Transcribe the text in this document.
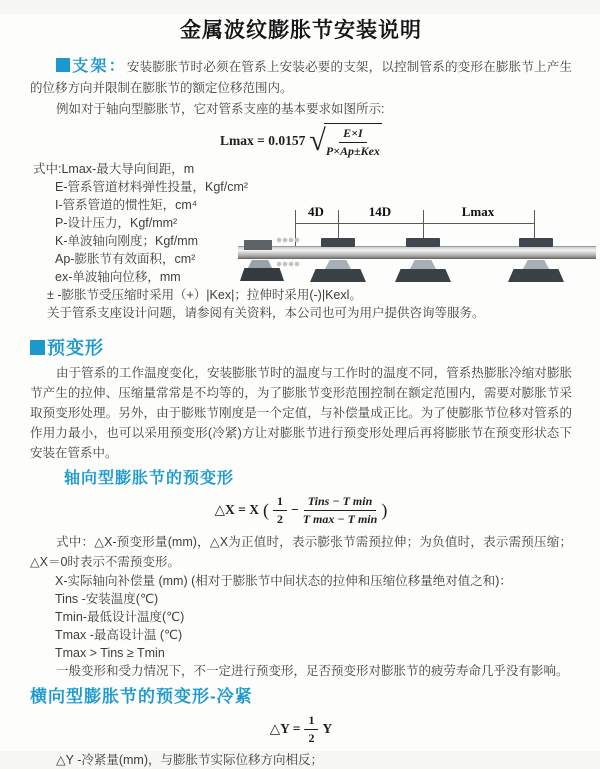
金属波纹膨胀节安装说明

支架：安装膨胀节时必须在管系上安装必要的支架，以控制管系的变形在膨胀节上产生的位移方向并限制在膨胀节的额定位移范围内。

例如对于轴向型膨胀节，它对管系支座的基本要求如图所示:

Lmax = 0.0157 √ $\frac{E\times I}{\text{P×Ap±Kex}}$
式中:Lmax-最大导向间距，m
E-管系管道材料弹性投量，Kgf/cm²
I-管系管道的惯性矩，cm⁴
P-设计压力，Kgf/mm²
K-单波轴向刚度；Kgf/mm
Ap-膨胀节有效面积，cm²
ex-单波轴向位移，mm
± -膨胀节受压缩时采用（+）|Kex|；拉伸时采用(-)|Kexl。
关于管系支座设计问题，请参阅有关资料，本公司也可为用户提供咨询等服务。
4D	14D	Lmax
预变形

由于管系的工作温度变化，安装膨胀节时的温度与工作时的温度不同，管系热膨胀冷缩对膨胀节产生的拉伸、压缩量常常是不均等的，为了膨胀节变形范围控制在额定范围内，需要对膨胀节采取预变形处理。另外，由于膨账节刚度是一个定值，与补偿量成正比。为了使膨胀节位移对管系的作用力最小，也可以采用预变形(冷紧)方让对膨胀节进行预变形处理后再将膨胀节在预变形状态下安装在管系中。

轴向型膨胀节的预变形
△X = X ( $\frac{1}{2} - \frac{\text{Tins − T min}}{\text{T max − T min}}$ )

式中：△X-预变形量(mm)，△X为正值时，表示膨张节需预拉伸；为负值时，表示需预压缩；△X＝0时表示不需预变形。

X-实际轴向补偿量 (mm) (相对于膨胀节中间状态的拉伸和压缩位移量绝对值之和)：
Tins -安装温度(℃)
Tmin-最低设计温度(℃)
Tmax -最高设计温 (℃)
Tmax > Tins ≥ Tmin
一般变形和受力情况下，不一定进行预变形，足否预变形对膨胀节的疲劳寿命几乎没有影响。
横向型膨胀节的预变形-冷紧
△Y = $\frac{1}{2}$ Y
△Y -冷紧量(mm)，与膨胀节实际位移方向相反；
